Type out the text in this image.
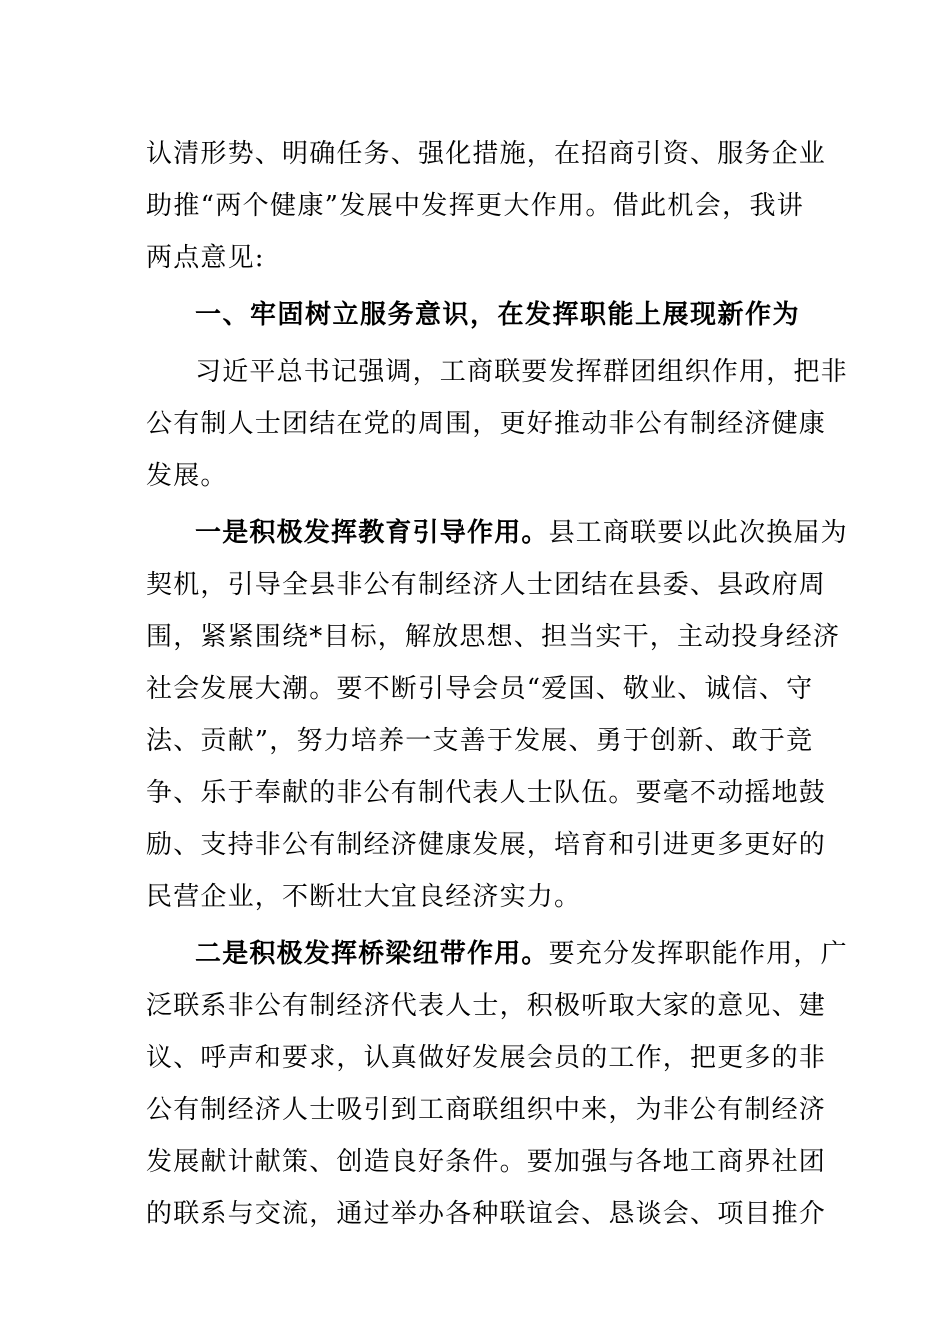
认清形势、明确任务、强化措施，在招商引资、服务企业
助推“两个健康”发展中发挥更大作用。借此机会，我讲
两点意见:
一、牢固树立服务意识，在发挥职能上展现新作为
习近平总书记强调，工商联要发挥群团组织作用，把非
公有制人士团结在党的周围，更好推动非公有制经济健康
发展。
一是积极发挥教育引导作用。县工商联要以此次换届为
契机，引导全县非公有制经济人士团结在县委、县政府周
围，紧紧围绕*目标，解放思想、担当实干，主动投身经济
社会发展大潮。要不断引导会员“爱国、敬业、诚信、守
法、贡献”，努力培养一支善于发展、勇于创新、敢于竞
争、乐于奉献的非公有制代表人士队伍。要毫不动摇地鼓
励、支持非公有制经济健康发展，培育和引进更多更好的
民营企业，不断壮大宜良经济实力。
二是积极发挥桥梁纽带作用。要充分发挥职能作用，广
泛联系非公有制经济代表人士，积极听取大家的意见、建
议、呼声和要求，认真做好发展会员的工作，把更多的非
公有制经济人士吸引到工商联组织中来，为非公有制经济
发展献计献策、创造良好条件。要加强与各地工商界社团
的联系与交流，通过举办各种联谊会、恳谈会、项目推介
